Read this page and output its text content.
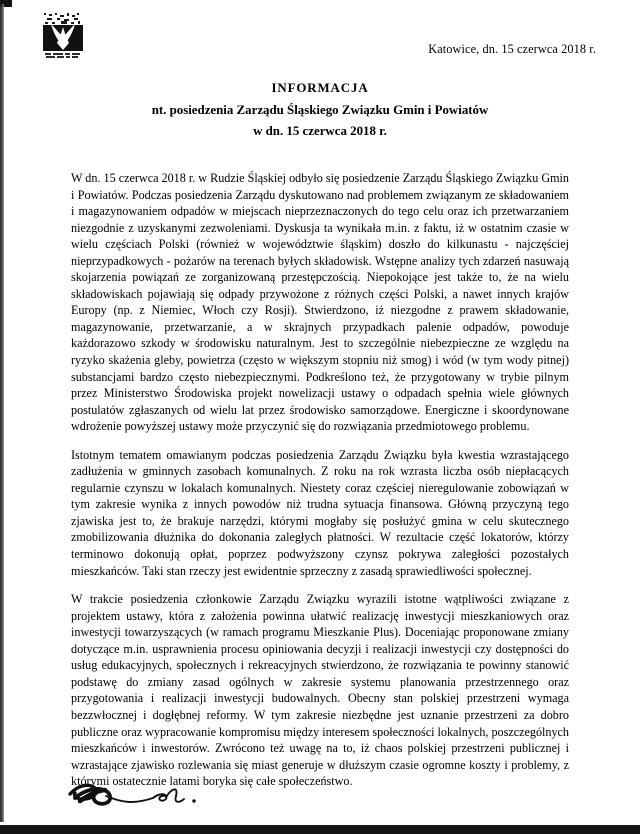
Katowice, dn. 15 czerwca 2018 r.
INFORMACJA
nt. posiedzenia Zarządu Śląskiego Związku Gmin i Powiatów
w dn. 15 czerwca 2018 r.

W dn. 15 czerwca 2018 r. w Rudzie Śląskiej odbyło się posiedzenie Zarządu Śląskiego Związku Gmin i Powiatów. Podczas posiedzenia Zarządu dyskutowano nad problemem związanym ze składowaniem i magazynowaniem odpadów w miejscach nieprzeznaczonych do tego celu oraz ich przetwarzaniem niezgodnie z uzyskanymi zezwoleniami. Dyskusja ta wynikała m.in. z faktu, iż w ostatnim czasie w wielu częściach Polski (również w województwie śląskim) doszło do kilkunastu - najczęściej nieprzypadkowych - pożarów na terenach byłych składowisk. Wstępne analizy tych zdarzeń nasuwają skojarzenia powiązań ze zorganizowaną przestępczością. Niepokojące jest także to, że na wielu składowiskach pojawiają się odpady przywożone z różnych części Polski, a nawet innych krajów Europy (np. z Niemiec, Włoch czy Rosji). Stwierdzono, iż niezgodne z prawem składowanie, magazynowanie, przetwarzanie, a w skrajnych przypadkach palenie odpadów, powoduje każdorazowo szkody w środowisku naturalnym. Jest to szczególnie niebezpieczne ze względu na ryzyko skażenia gleby, powietrza (często w większym stopniu niż smog) i wód (w tym wody pitnej) substancjami bardzo często niebezpiecznymi. Podkreślono też, że przygotowany w trybie pilnym przez Ministerstwo Środowiska projekt nowelizacji ustawy o odpadach spełnia wiele głównych postulatów zgłaszanych od wielu lat przez środowisko samorządowe. Energiczne i skoordynowane wdrożenie powyższej ustawy może przyczynić się do rozwiązania przedmiotowego problemu.

Istotnym tematem omawianym podczas posiedzenia Zarządu Związku była kwestia wzrastającego zadłużenia w gminnych zasobach komunalnych. Z roku na rok wzrasta liczba osób niepłacących regularnie czynszu w lokalach komunalnych. Niestety coraz częściej nieregulowanie zobowiązań w tym zakresie wynika z innych powodów niż trudna sytuacja finansowa. Główną przyczyną tego zjawiska jest to, że brakuje narzędzi, którymi mogłaby się posłużyć gmina w celu skutecznego zmobilizowania dłużnika do dokonania zaległych płatności. W rezultacie część lokatorów, którzy terminowo dokonują opłat, poprzez podwyższony czynsz pokrywa zaległości pozostałych mieszkańców. Taki stan rzeczy jest ewidentnie sprzeczny z zasadą sprawiedliwości społecznej.

W trakcie posiedzenia członkowie Zarządu Związku wyrazili istotne wątpliwości związane z projektem ustawy, która z założenia powinna ułatwić realizację inwestycji mieszkaniowych oraz inwestycji towarzyszących (w ramach programu Mieszkanie Plus). Doceniając proponowane zmiany dotyczące m.in. usprawnienia procesu opiniowania decyzji i realizacji inwestycji czy dostępności do usług edukacyjnych, społecznych i rekreacyjnych stwierdzono, że rozwiązania te powinny stanowić podstawę do zmiany zasad ogólnych w zakresie systemu planowania przestrzennego oraz przygotowania i realizacji inwestycji budowalnych. Obecny stan polskiej przestrzeni wymaga bezzwłocznej i dogłębnej reformy. W tym zakresie niezbędne jest uznanie przestrzeni za dobro publiczne oraz wypracowanie kompromisu między interesem społeczności lokalnych, poszczególnych mieszkańców i inwestorów. Zwrócono też uwagę na to, iż chaos polskiej przestrzeni publicznej i wzrastające zjawisko rozlewania się miast generuje w dłuższym czasie ogromne koszty i problemy, z którymi ostatecznie latami boryka się całe społeczeństwo.
